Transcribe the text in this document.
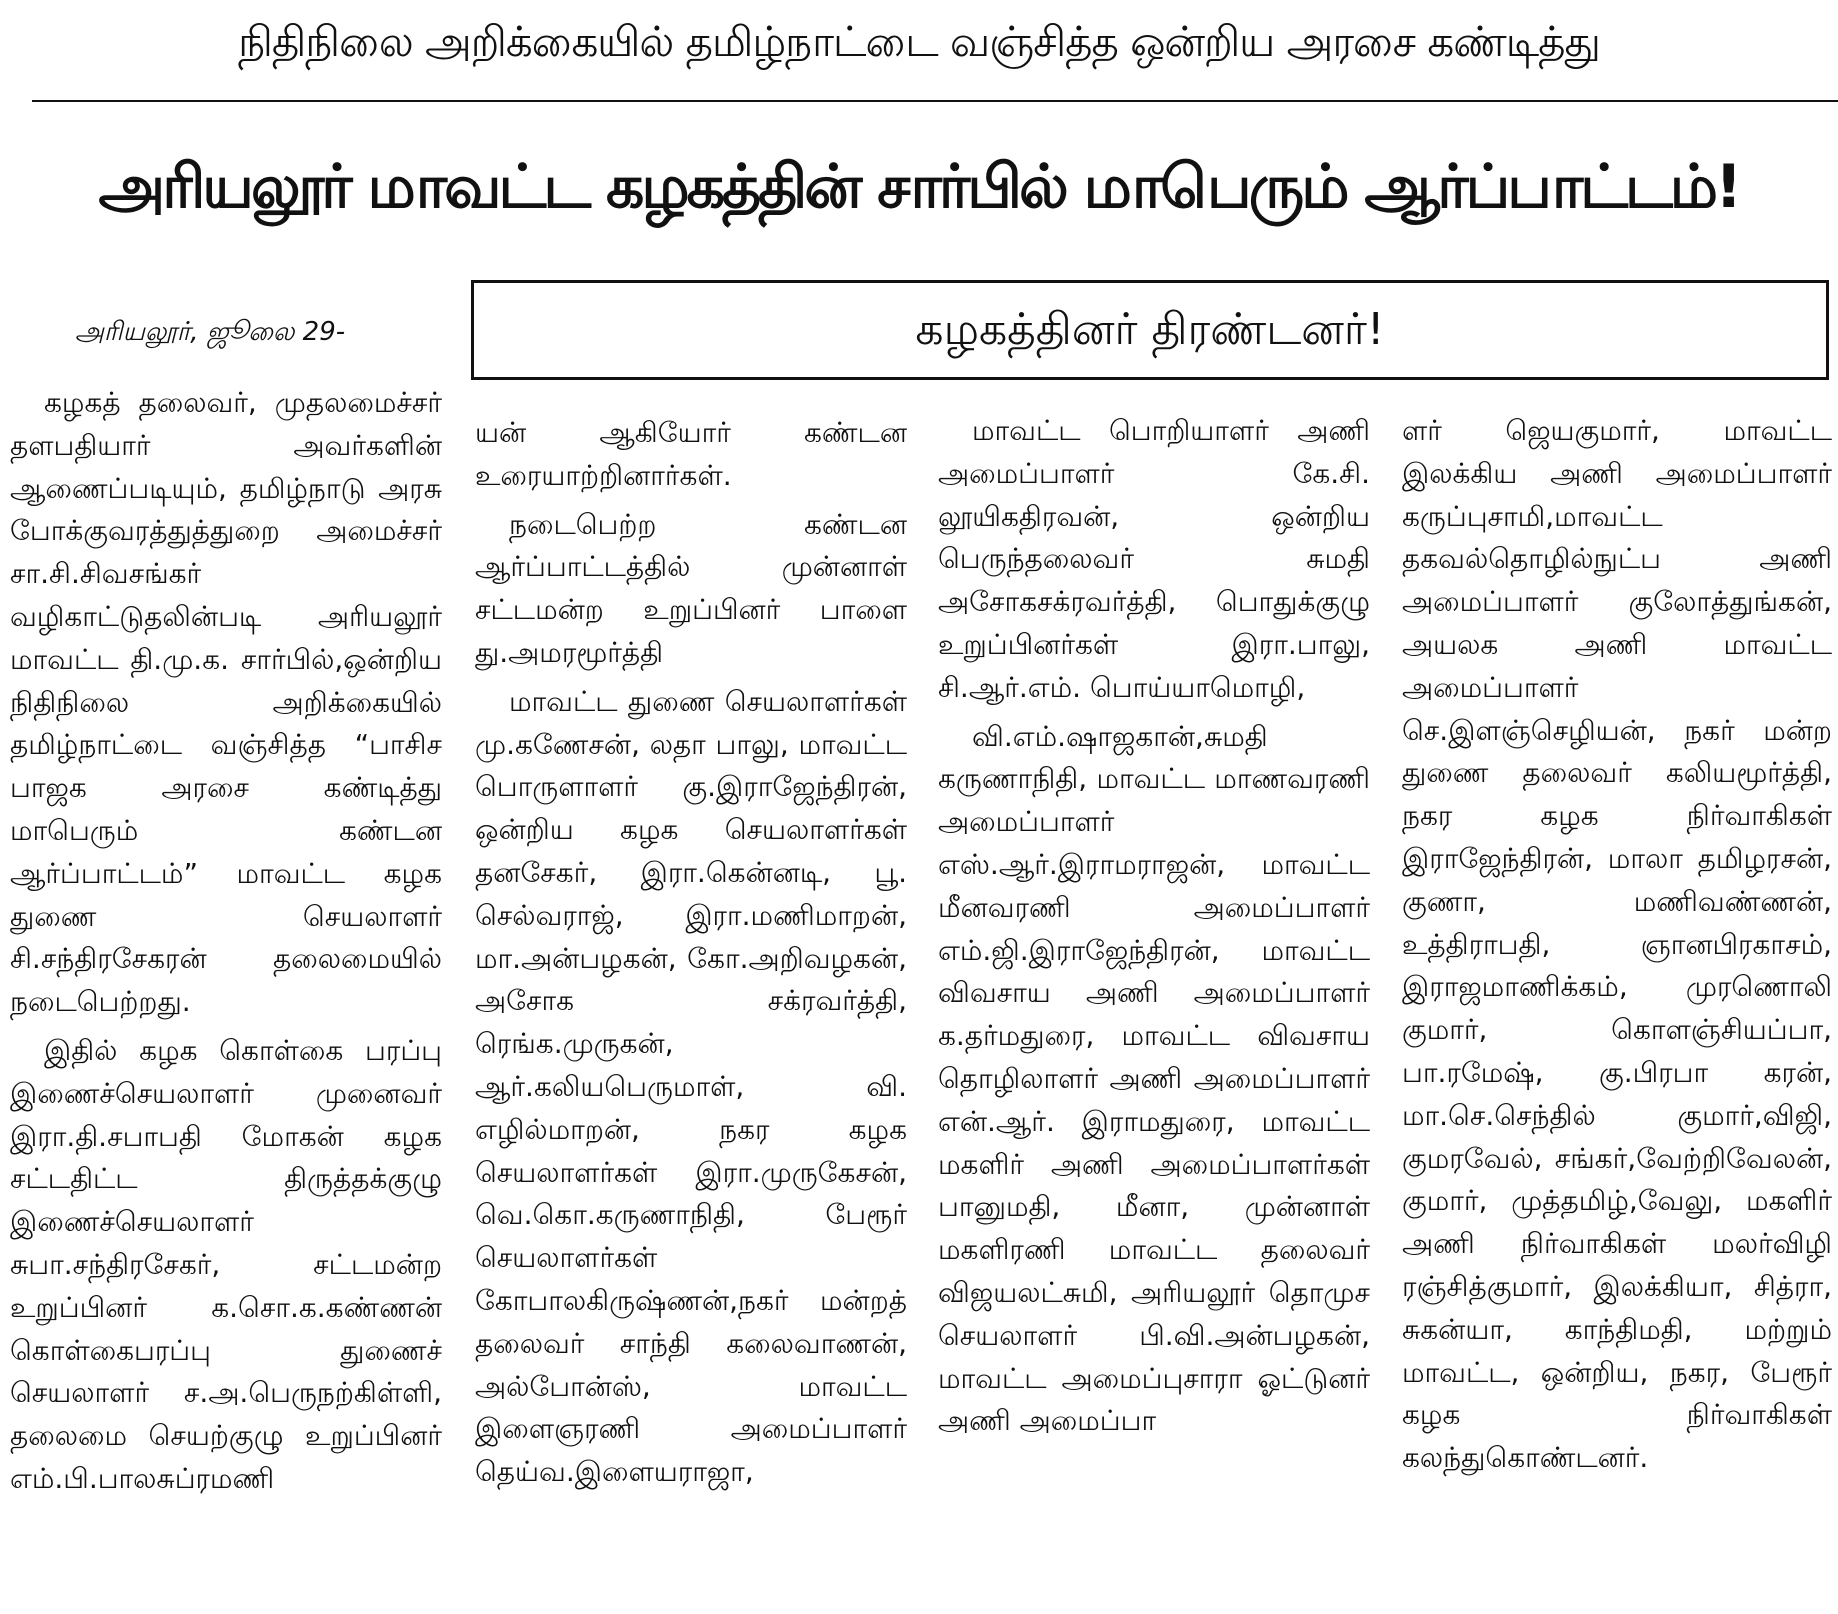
நிதிநிலை அறிக்கையில் தமிழ்நாட்டை வஞ்சித்த ஒன்றிய அரசை கண்டித்து
அரியலூர் மாவட்ட கழகத்தின் சார்பில் மாபெரும் ஆர்ப்பாட்டம்!
கழகத்தினர் திரண்டனர்!
அரியலூர், ஜூலை 29-

கழகத் தலைவர், முதலமைச்சர் தளபதியார் அவர்களின் ஆணைப்படியும், தமிழ்நாடு அரசு போக்குவரத்துத்துறை அமைச்சர் சா.சி.சிவசங்கர் வழிகாட்டுதலின்படி அரியலூர் மாவட்ட தி.மு.க. சார்பில்,ஒன்றிய நிதிநிலை அறிக்கையில் தமிழ்நாட்டை வஞ்சித்த “பாசிச பாஜக அரசை கண்டித்து மாபெரும் கண்டன ஆர்ப்பாட்டம்” மாவட்ட கழக துணை செயலாளர் சி.சந்திரசேகரன் தலைமையில் நடைபெற்றது.

இதில் கழக கொள்கை பரப்பு இணைச்செயலாளர் முனைவர் இரா.தி.சபாபதி மோகன் கழக சட்டதிட்ட திருத்தக்குழு இணைச்செயலாளர் சுபா.சந்திரசேகர், சட்டமன்ற உறுப்பினர் க.சொ.க.கண்ணன் கொள்கைபரப்பு துணைச் செயலாளர் ச.அ.பெருநற்கிள்ளி, தலைமை செயற்குழு உறுப்பினர் எம்.பி.பாலசுப்ரமணி

யன் ஆகியோர் கண்டன உரையாற்றினார்கள்.

நடைபெற்ற கண்டன ஆர்ப்பாட்டத்தில் முன்னாள் சட்டமன்ற உறுப்பினர் பாளை து.அமரமூர்த்தி

மாவட்ட துணை செயலாளர்கள் மு.கணேசன், லதா பாலு, மாவட்ட பொருளாளர் கு.இராஜேந்திரன், ஒன்றிய கழக செயலாளர்கள் தனசேகர், இரா.கென்னடி, பூ. செல்வராஜ், இரா.மணிமாறன், மா.அன்பழகன், கோ.அறிவழகன், அசோக சக்ரவர்த்தி, ரெங்க.முருகன், ஆர்.கலியபெருமாள், வி. எழில்மாறன், நகர கழக செயலாளர்கள் இரா.முருகேசன், வெ.கொ.கருணாநிதி, பேரூர் செயலாளர்கள் கோபாலகிருஷ்ணன்,நகர் மன்றத் தலைவர் சாந்தி கலைவாணன், அல்போன்ஸ், மாவட்ட இளைஞரணி அமைப்பாளர் தெய்வ.இளையராஜா,

மாவட்ட பொறியாளர் அணி அமைப்பாளர் கே.சி. லூயிகதிரவன், ஒன்றிய பெருந்தலைவர் சுமதி அசோகசக்ரவர்த்தி, பொதுக்குழு உறுப்பினர்கள் இரா.பாலு, சி.ஆர்.எம். பொய்யாமொழி,

வி.எம்.ஷாஜகான்,சுமதி கருணாநிதி, மாவட்ட மாணவரணி அமைப்பாளர் எஸ்.ஆர்.இராமராஜன், மாவட்ட மீனவரணி அமைப்பாளர் எம்.ஜி.இராஜேந்திரன், மாவட்ட விவசாய அணி அமைப்பாளர் க.தர்மதுரை, மாவட்ட விவசாய தொழிலாளர் அணி அமைப்பாளர் என்.ஆர். இராமதுரை, மாவட்ட மகளிர் அணி அமைப்பாளர்கள் பானுமதி, மீனா, முன்னாள் மகளிரணி மாவட்ட தலைவர் விஜயலட்சுமி, அரியலூர் தொமுச செயலாளர் பி.வி.அன்பழகன், மாவட்ட அமைப்புசாரா ஓட்டுனர் அணி அமைப்பா

ளர் ஜெயகுமார், மாவட்ட இலக்கிய அணி அமைப்பாளர் கருப்புசாமி,மாவட்ட தகவல்தொழில்நுட்ப அணி அமைப்பாளர் குலோத்துங்கன், அயலக அணி மாவட்ட அமைப்பாளர் செ.இளஞ்செழியன், நகர் மன்ற துணை தலைவர் கலியமூர்த்தி, நகர கழக நிர்வாகிகள் இராஜேந்திரன், மாலா தமிழரசன், குணா, மணிவண்ணன், உத்திராபதி, ஞானபிரகாசம், இராஜமாணிக்கம், முரணொலி குமார், கொளஞ்சியப்பா, பா.ரமேஷ், கு.பிரபா கரன், மா.செ.செந்தில் குமார்,விஜி, குமரவேல், சங்கர்,வேற்றிவேலன், குமார், முத்தமிழ்,வேலு, மகளிர் அணி நிர்வாகிகள் மலர்விழி ரஞ்சித்குமார், இலக்கியா, சித்ரா, சுகன்யா, காந்திமதி, மற்றும் மாவட்ட, ஒன்றிய, நகர, பேரூர் கழக நிர்வாகிகள் கலந்துகொண்டனர்.
